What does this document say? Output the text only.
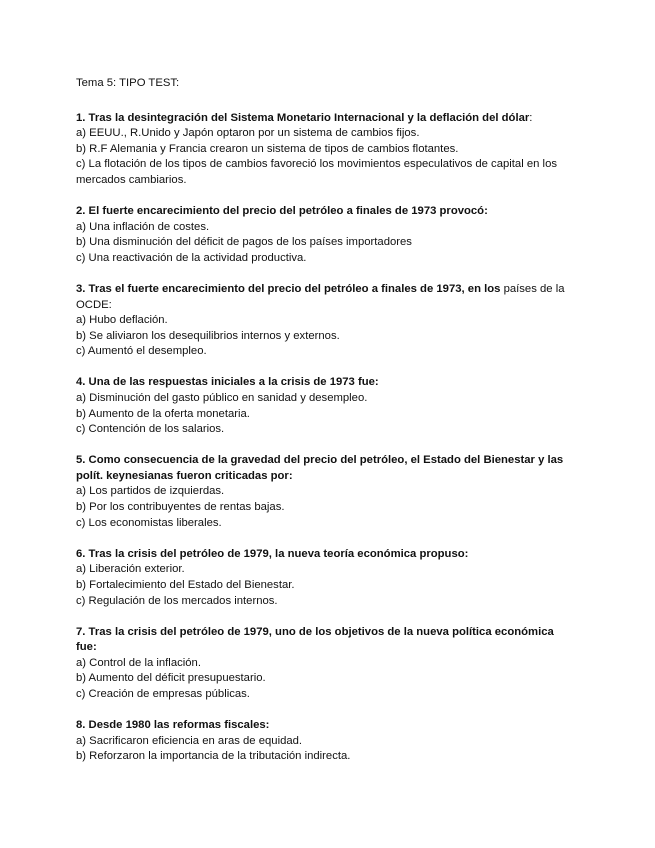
Tema 5: TIPO TEST:

1. Tras la desintegración del Sistema Monetario Internacional y la deflación del dólar:

a) EEUU., R.Unido y Japón optaron por un sistema de cambios fijos.
b) R.F Alemania y Francia crearon un sistema de tipos de cambios flotantes.
c) La flotación de los tipos de cambios favoreció los movimientos especulativos de capital en los mercados cambiarios.

2. El fuerte encarecimiento del precio del petróleo a finales de 1973 provocó:

a) Una inflación de costes.
b) Una disminución del déficit de pagos de los países importadores
c) Una reactivación de la actividad productiva.

3. Tras el fuerte encarecimiento del precio del petróleo a finales de 1973, en los países de la OCDE:

a) Hubo deflación.
b) Se aliviaron los desequilibrios internos y externos.
c) Aumentó el desempleo.

4. Una de las respuestas iniciales a la crisis de 1973 fue:

a) Disminución del gasto público en sanidad y desempleo.
b) Aumento de la oferta monetaria.
c) Contención de los salarios.

5. Como consecuencia de la gravedad del precio del petróleo, el Estado del Bienestar y las polít. keynesianas fueron criticadas por:

a) Los partidos de izquierdas.
b) Por los contribuyentes de rentas bajas.
c) Los economistas liberales.

6. Tras la crisis del petróleo de 1979, la nueva teoría económica propuso:

a) Liberación exterior.
b) Fortalecimiento del Estado del Bienestar.
c) Regulación de los mercados internos.

7. Tras la crisis del petróleo de 1979, uno de los objetivos de la nueva política económica fue:

a) Control de la inflación.
b) Aumento del déficit presupuestario.
c) Creación de empresas públicas.

8. Desde 1980 las reformas fiscales:

a) Sacrificaron eficiencia en aras de equidad.
b) Reforzaron la importancia de la tributación indirecta.
